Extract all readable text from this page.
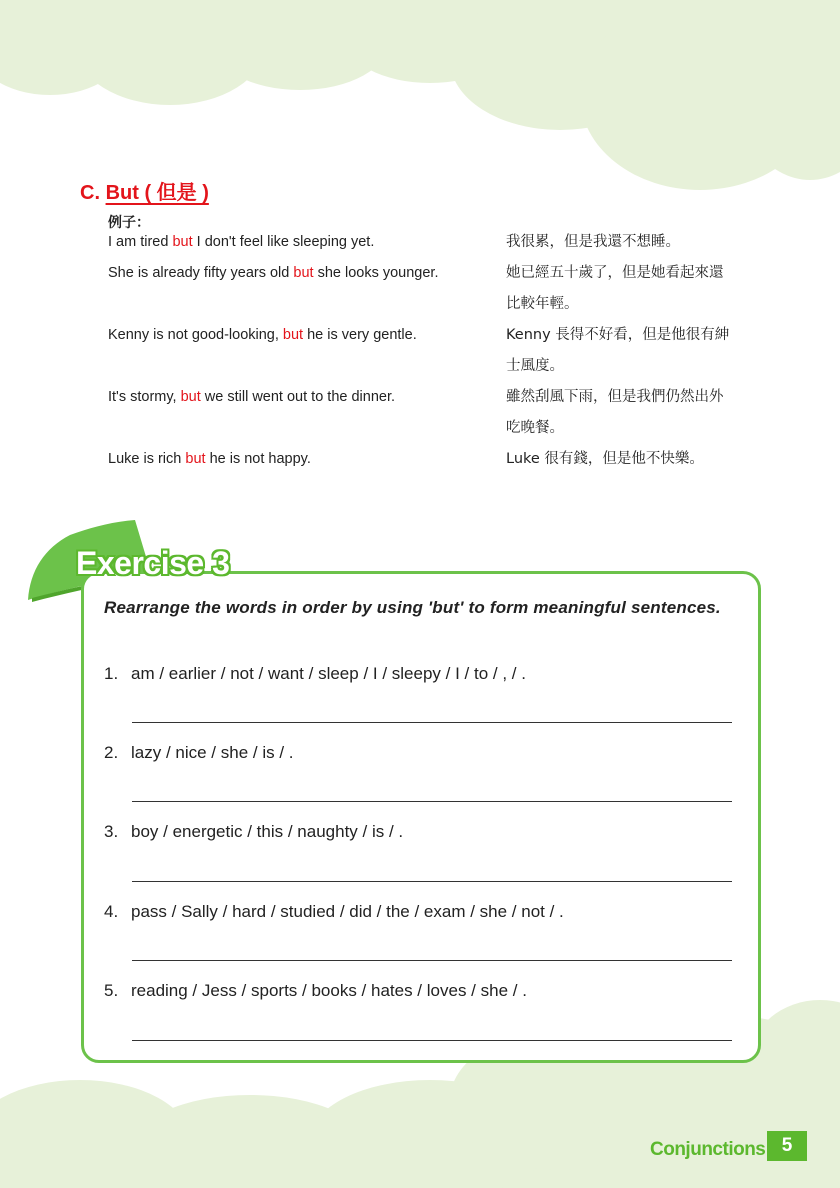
C. But ( 但是 )
例子：
I am tired but I don't feel like sleeping yet.	我很累，但是我還不想睡。
She is already fifty years old but she looks younger.	她已經五十歲了，但是她看起來還比較年輕。
Kenny is not good-looking, but he is very gentle.	Kenny 長得不好看，但是他很有紳士風度。
It's stormy, but we still went out to the dinner.	雖然刮風下雨，但是我們仍然出外吃晚餐。
Luke is rich but he is not happy.	Luke 很有錢，但是他不快樂。
Exercise 3
Rearrange the words in order by using 'but' to form meaningful sentences.
1. am / earlier / not / want / sleep / I / sleepy / I / to / , / .
2. lazy / nice / she / is / .
3. boy / energetic / this / naughty / is / .
4. pass / Sally / hard / studied / did / the / exam / she / not / .
5. reading / Jess / sports / books / hates / loves / she / .
Conjunctions 5
